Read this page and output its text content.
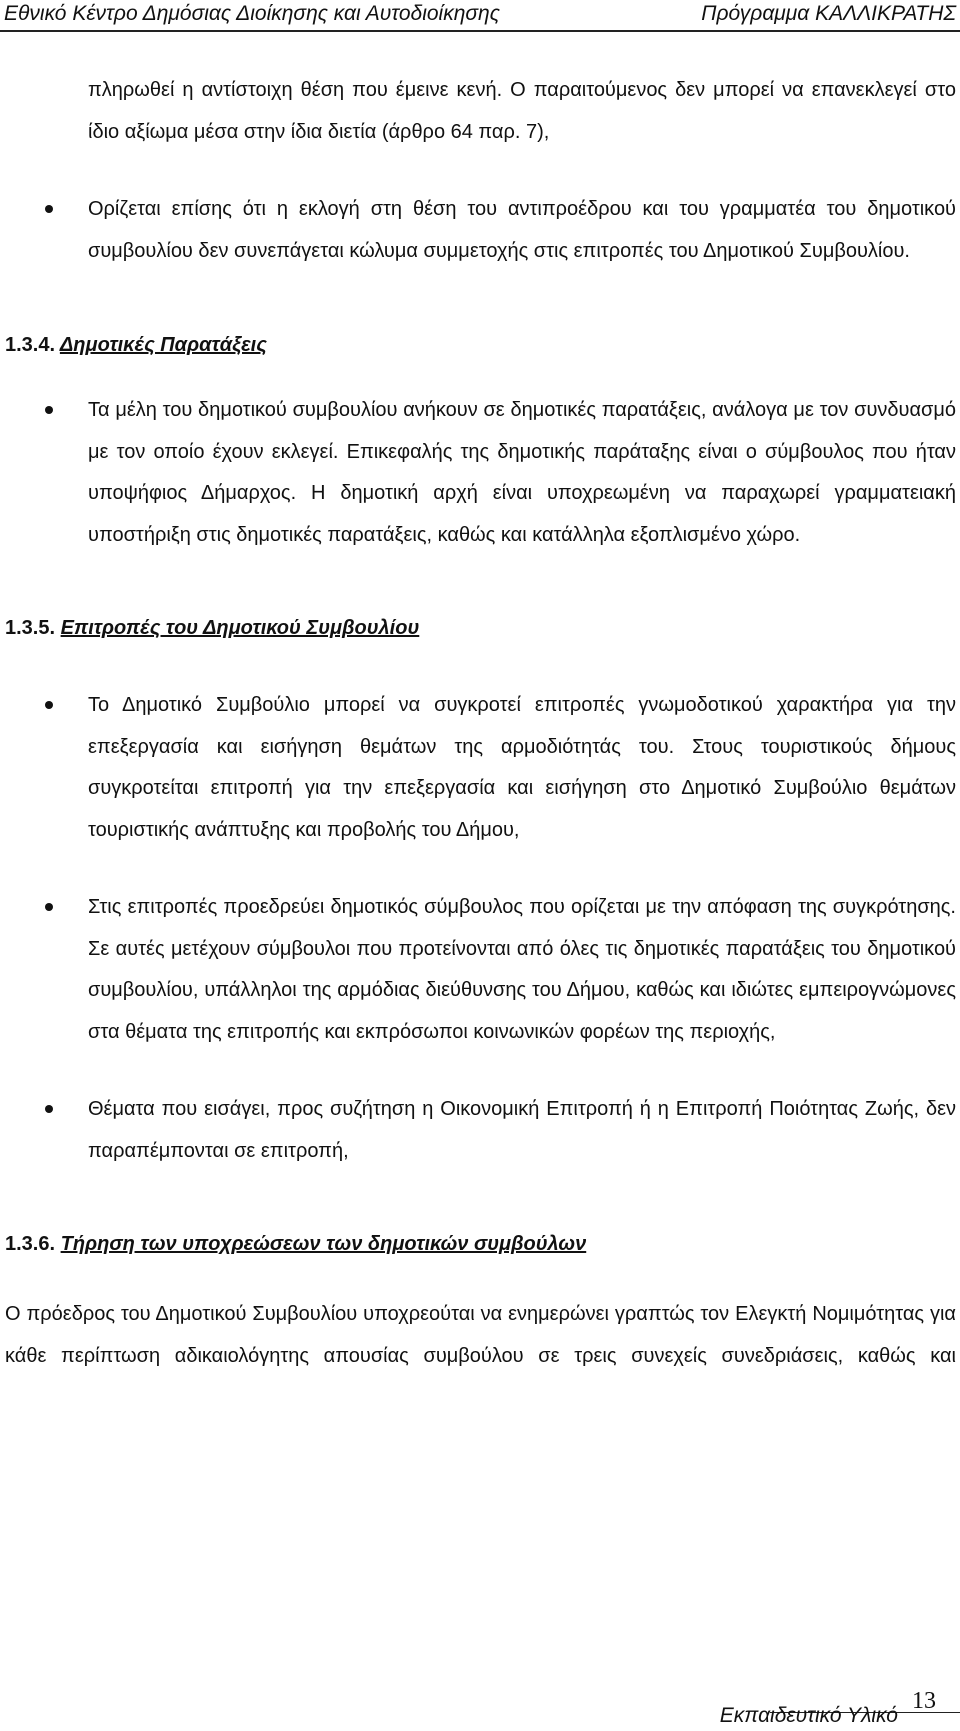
Εθνικό Κέντρο Δημόσιας Διοίκησης και Αυτοδιοίκησης	Πρόγραμμα ΚΑΛΛΙΚΡΑΤΗΣ

πληρωθεί η αντίστοιχη θέση που έμεινε κενή. Ο παραιτούμενος δεν μπορεί να επανεκλεγεί στο ίδιο αξίωμα μέσα στην ίδια διετία (άρθρο 64 παρ. 7),

Ορίζεται επίσης ότι η εκλογή στη θέση του αντιπροέδρου και του γραμματέα του δημοτικού συμβουλίου δεν συνεπάγεται κώλυμα συμμετοχής στις επιτροπές του Δημοτικού Συμβουλίου.

1.3.4. Δημοτικές Παρατάξεις

Τα μέλη του δημοτικού συμβουλίου ανήκουν σε δημοτικές παρατάξεις, ανάλογα με τον συνδυασμό με τον οποίο έχουν εκλεγεί. Επικεφαλής της δημοτικής παράταξης είναι ο σύμβουλος που ήταν υποψήφιος Δήμαρχος. Η δημοτική αρχή είναι υποχρεωμένη να παραχωρεί γραμματειακή υποστήριξη στις δημοτικές παρατάξεις, καθώς και κατάλληλα εξοπλισμένο χώρο.

1.3.5. Επιτροπές του Δημοτικού Συμβουλίου

Το Δημοτικό Συμβούλιο μπορεί να συγκροτεί επιτροπές γνωμοδοτικού χαρακτήρα για την επεξεργασία και εισήγηση θεμάτων της αρμοδιότητάς του. Στους τουριστικούς δήμους συγκροτείται επιτροπή για την επεξεργασία και εισήγηση στο Δημοτικό Συμβούλιο θεμάτων τουριστικής ανάπτυξης και προβολής του Δήμου,

Στις επιτροπές προεδρεύει δημοτικός σύμβουλος που ορίζεται με την απόφαση της συγκρότησης. Σε αυτές μετέχουν σύμβουλοι που προτείνονται από όλες τις δημοτικές παρατάξεις του δημοτικού συμβουλίου, υπάλληλοι της αρμόδιας διεύθυνσης του Δήμου, καθώς και ιδιώτες εμπειρογνώμονες στα θέματα της επιτροπής και εκπρόσωποι κοινωνικών φορέων της περιοχής,

Θέματα που εισάγει, προς συζήτηση η Οικονομική Επιτροπή ή η Επιτροπή Ποιότητας Ζωής, δεν παραπέμπονται σε επιτροπή,

1.3.6. Τήρηση των υποχρεώσεων των δημοτικών συμβούλων

Ο πρόεδρος του Δημοτικού Συμβουλίου υποχρεούται να ενημερώνει γραπτώς τον Ελεγκτή Νομιμότητας για κάθε περίπτωση αδικαιολόγητης απουσίας συμβούλου σε τρεις συνεχείς συνεδριάσεις, καθώς και

13
Εκπαιδευτικό Υλικό
